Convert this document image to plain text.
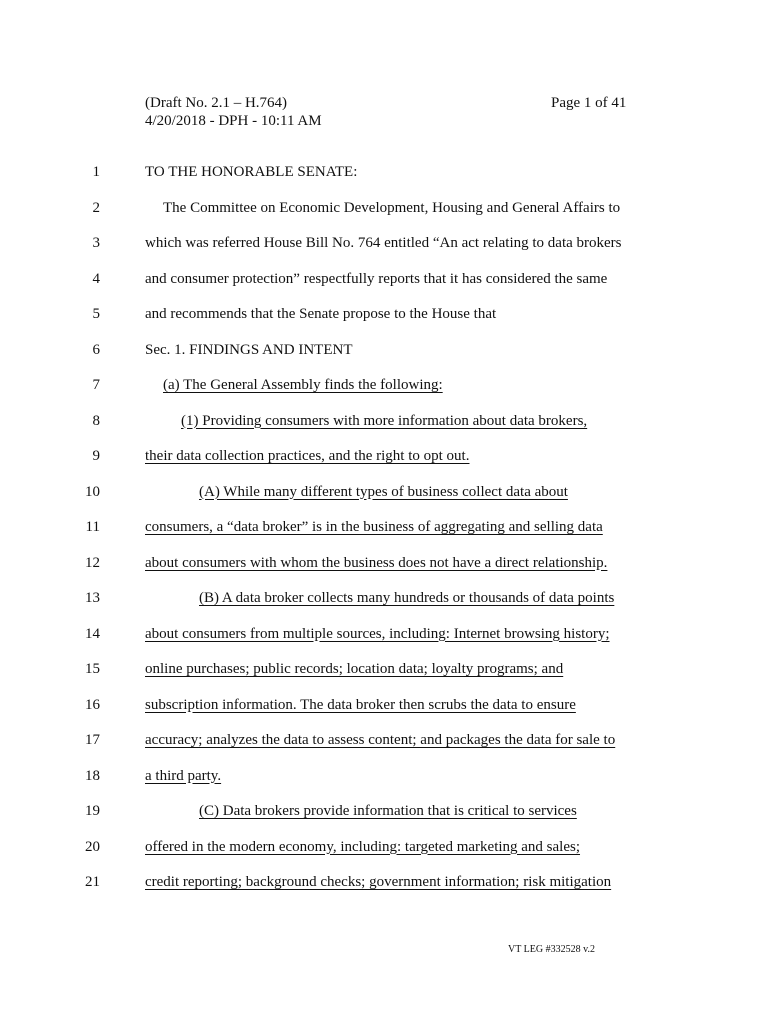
(Draft No. 2.1 – H.764)
4/20/2018 - DPH - 10:11 AM
Page 1 of 41
1	TO THE HONORABLE SENATE:
2	The Committee on Economic Development, Housing and General Affairs to
3	which was referred House Bill No. 764 entitled “An act relating to data brokers
4	and consumer protection” respectfully reports that it has considered the same
5	and recommends that the Senate propose to the House that
6	Sec. 1. FINDINGS AND INTENT
7	(a) The General Assembly finds the following:
8	(1) Providing consumers with more information about data brokers,
9	their data collection practices, and the right to opt out.
10	(A) While many different types of business collect data about
11	consumers, a “data broker” is in the business of aggregating and selling data
12	about consumers with whom the business does not have a direct relationship.
13	(B) A data broker collects many hundreds or thousands of data points
14	about consumers from multiple sources, including: Internet browsing history;
15	online purchases; public records; location data; loyalty programs; and
16	subscription information. The data broker then scrubs the data to ensure
17	accuracy; analyzes the data to assess content; and packages the data for sale to
18	a third party.
19	(C) Data brokers provide information that is critical to services
20	offered in the modern economy, including: targeted marketing and sales;
21	credit reporting; background checks; government information; risk mitigation
VT LEG #332528 v.2
